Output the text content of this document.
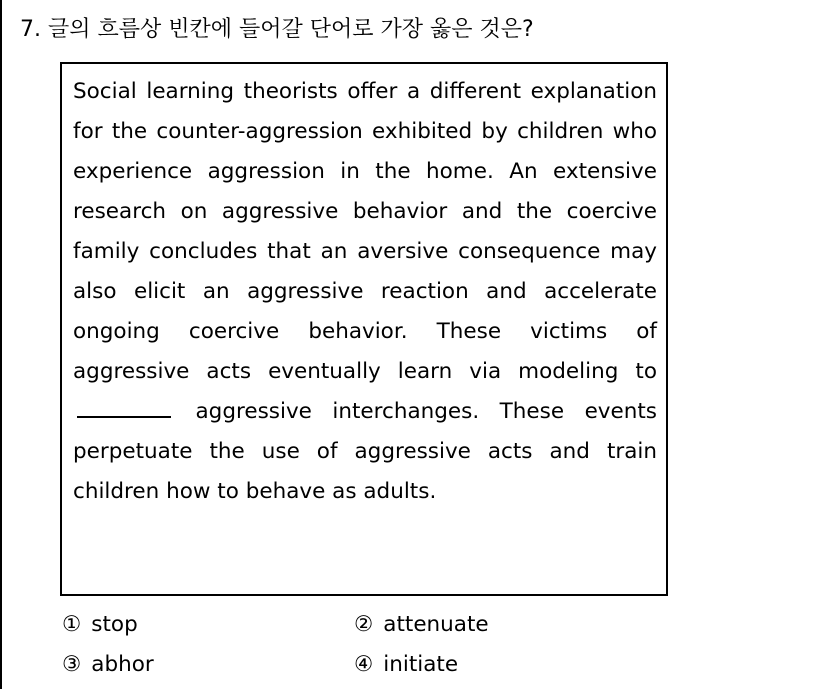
7. 글의 흐름상 빈칸에 들어갈 단어로 가장 옳은 것은?

Social learning theorists offer a different explanation for the counter-aggression exhibited by children who experience aggression in the home. An extensive research on aggressive behavior and the coercive family concludes that an aversive consequence may also elicit an aggressive reaction and accelerate ongoing coercive behavior. These victims of aggressive acts eventually learn via modeling to  aggressive interchanges. These events perpetuate the use of aggressive acts and train children how to behave as adults.

① stop	② attenuate
③ abhor	④ initiate
